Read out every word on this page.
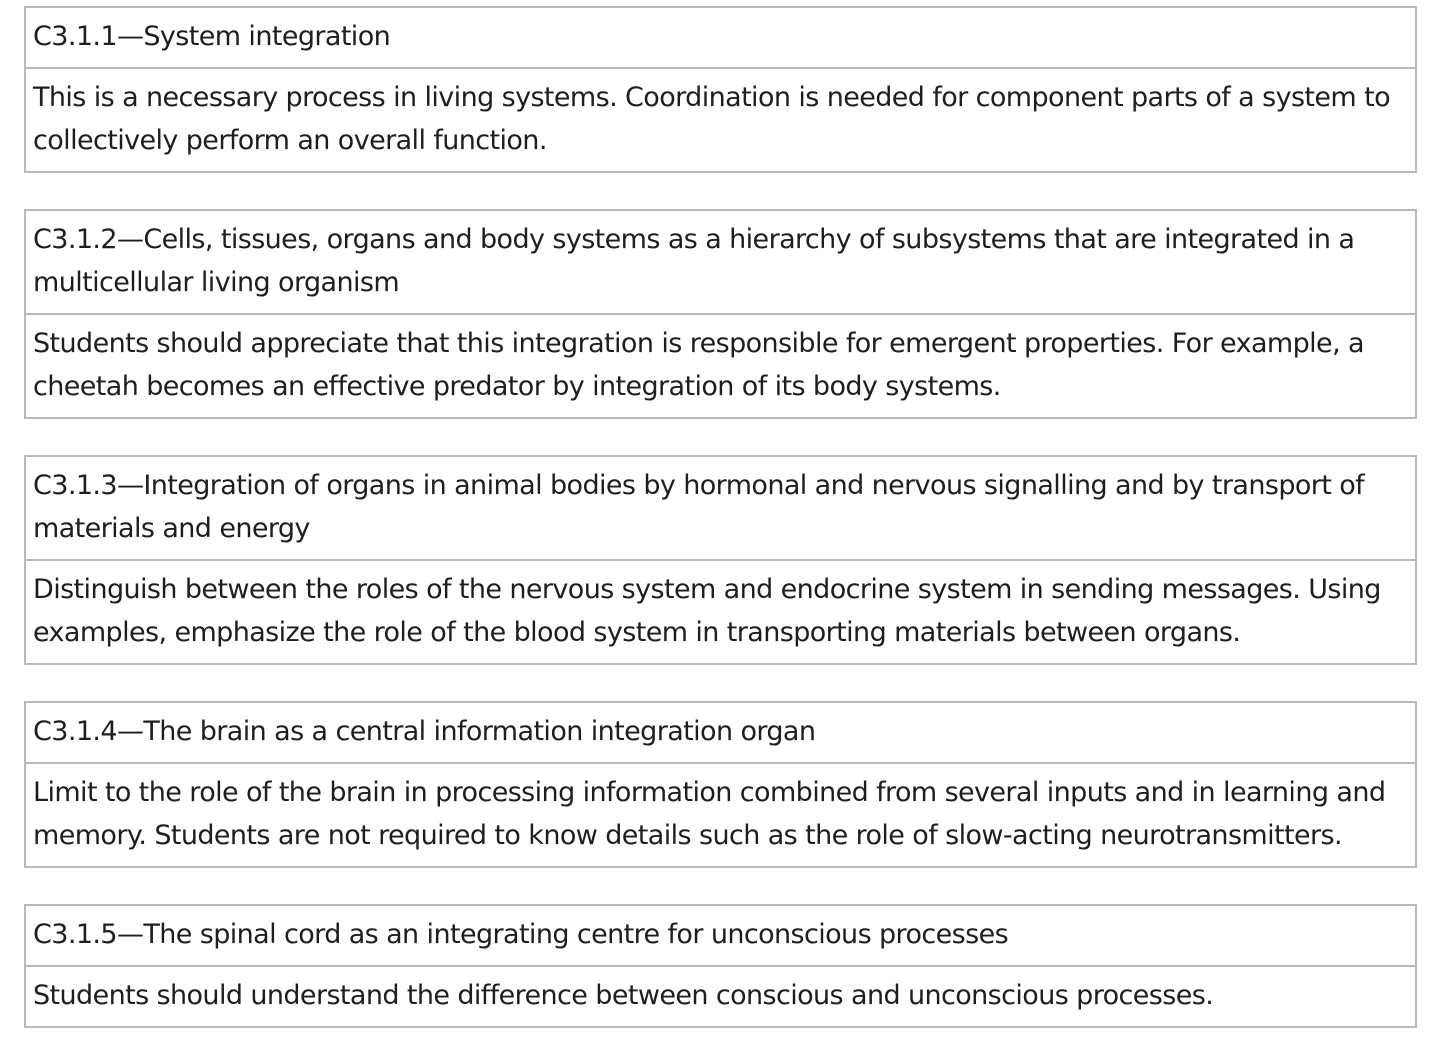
C3.1.1—System integration
This is a necessary process in living systems. Coordination is needed for component parts of a system to
collectively perform an overall function.
C3.1.2—Cells, tissues, organs and body systems as a hierarchy of subsystems that are integrated in a
multicellular living organism
Students should appreciate that this integration is responsible for emergent properties. For example, a
cheetah becomes an effective predator by integration of its body systems.
C3.1.3—Integration of organs in animal bodies by hormonal and nervous signalling and by transport of
materials and energy
Distinguish between the roles of the nervous system and endocrine system in sending messages. Using
examples, emphasize the role of the blood system in transporting materials between organs.
C3.1.4—The brain as a central information integration organ
Limit to the role of the brain in processing information combined from several inputs and in learning and
memory. Students are not required to know details such as the role of slow-acting neurotransmitters.
C3.1.5—The spinal cord as an integrating centre for unconscious processes
Students should understand the difference between conscious and unconscious processes.
